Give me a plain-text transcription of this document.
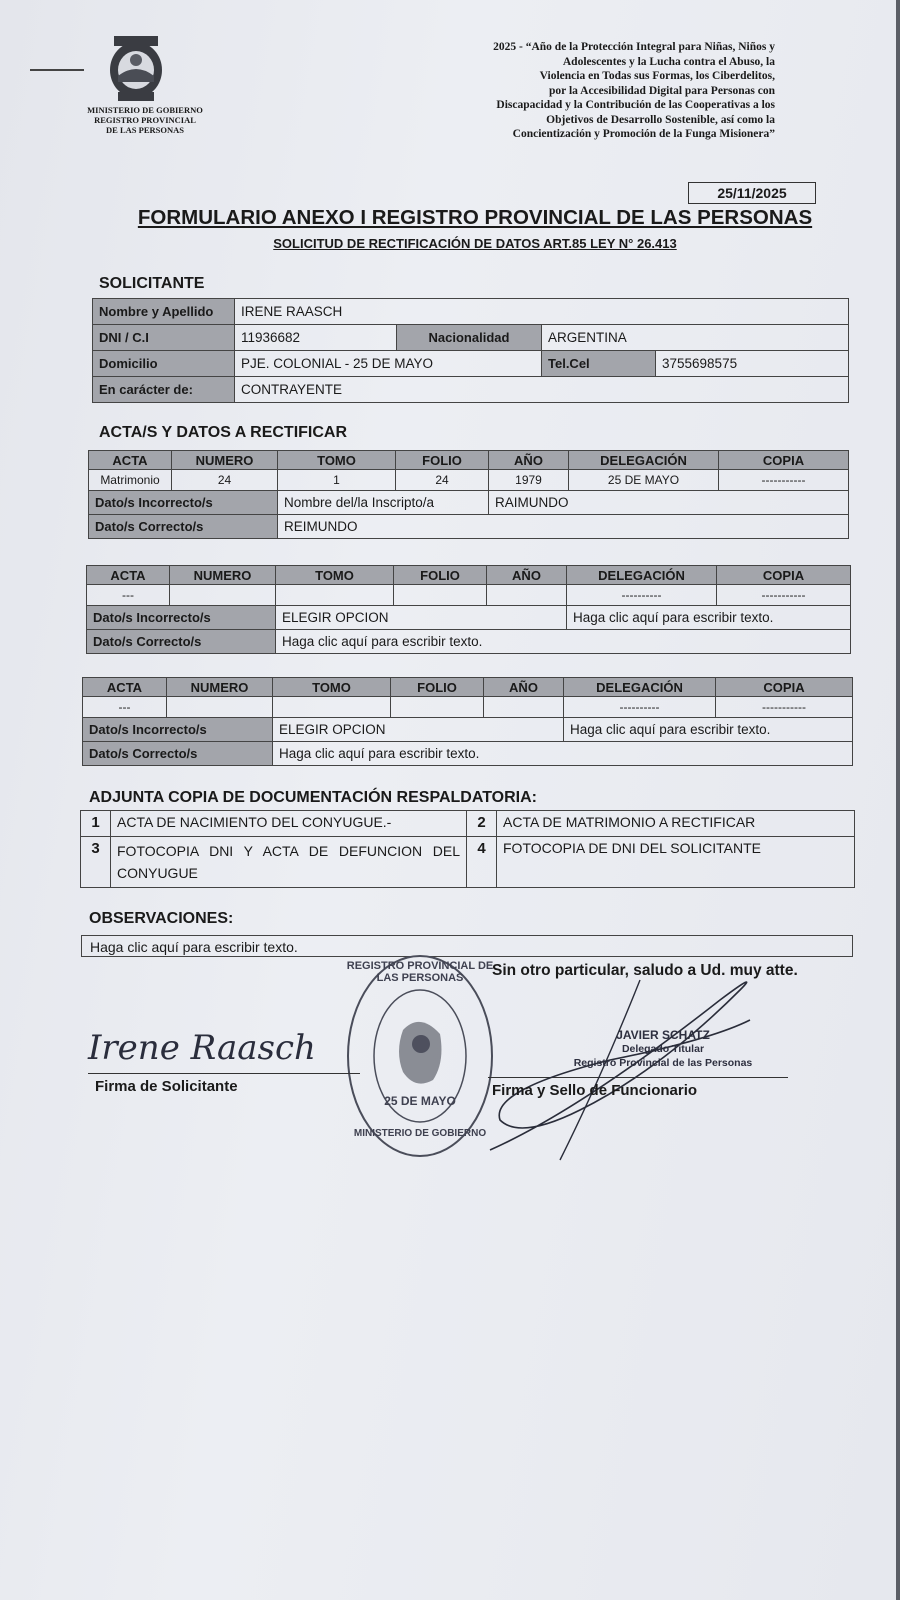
MINISTERIO DE GOBIERNO
REGISTRO PROVINCIAL
DE LAS PERSONAS
2025 - “Año de la Protección Integral para Niñas, Niños y
Adolescentes y la Lucha contra el Abuso, la
Violencia en Todas sus Formas, los Ciberdelitos,
por la Accesibilidad Digital para Personas con
Discapacidad y la Contribución de las Cooperativas a los
Objetivos de Desarrollo Sostenible, así como la
Concientización y Promoción de la Funga Misionera”
25/11/2025
FORMULARIO ANEXO I REGISTRO PROVINCIAL DE LAS PERSONAS
SOLICITUD DE RECTIFICACIÓN DE DATOS ART.85 LEY N° 26.413
SOLICITANTE
Nombre y Apellido	IRENE RAASCH			
DNI / C.I	11936682	Nacionalidad	ARGENTINA	
Domicilio	PJE. COLONIAL - 25 DE MAYO		Tel.Cel	3755698575
En carácter de:	CONTRAYENTE			
ACTA/S Y DATOS A RECTIFICAR
ACTA	NUMERO	TOMO	FOLIO	AÑO	DELEGACIÓN	COPIA
Matrimonio	24	1	24	1979	25 DE MAYO	-----------
Dato/s Incorrecto/s		Nombre del/la Inscripto/a		RAIMUNDO		
Dato/s Correcto/s		REIMUNDO				
ACTA	NUMERO	TOMO	FOLIO	AÑO	DELEGACIÓN	COPIA
---					----------	-----------
Dato/s Incorrecto/s		ELEGIR OPCION			Haga clic aquí para escribir texto.	
Dato/s Correcto/s		Haga clic aquí para escribir texto.				
ACTA	NUMERO	TOMO	FOLIO	AÑO	DELEGACIÓN	COPIA
---					----------	-----------
Dato/s Incorrecto/s		ELEGIR OPCION			Haga clic aquí para escribir texto.	
Dato/s Correcto/s		Haga clic aquí para escribir texto.				
ADJUNTA COPIA DE DOCUMENTACIÓN RESPALDATORIA:
1	ACTA DE NACIMIENTO DEL CONYUGUE.-	2	ACTA DE MATRIMONIO A RECTIFICAR
3	FOTOCOPIA DNI Y ACTA DE DEFUNCION DEL CONYUGUE	4	FOTOCOPIA DE DNI DEL SOLICITANTE
OBSERVACIONES:
Haga clic aquí para escribir texto.
Sin otro particular, saludo a Ud. muy atte.
REGISTRO PROVINCIAL DE LAS PERSONAS
25 DE MAYO
MINISTERIO DE GOBIERNO
Irene Raasch
Firma de Solicitante
JAVIER SCHATZ
Delegado Titular
Registro Provincial de las Personas
Firma y Sello de Funcionario
